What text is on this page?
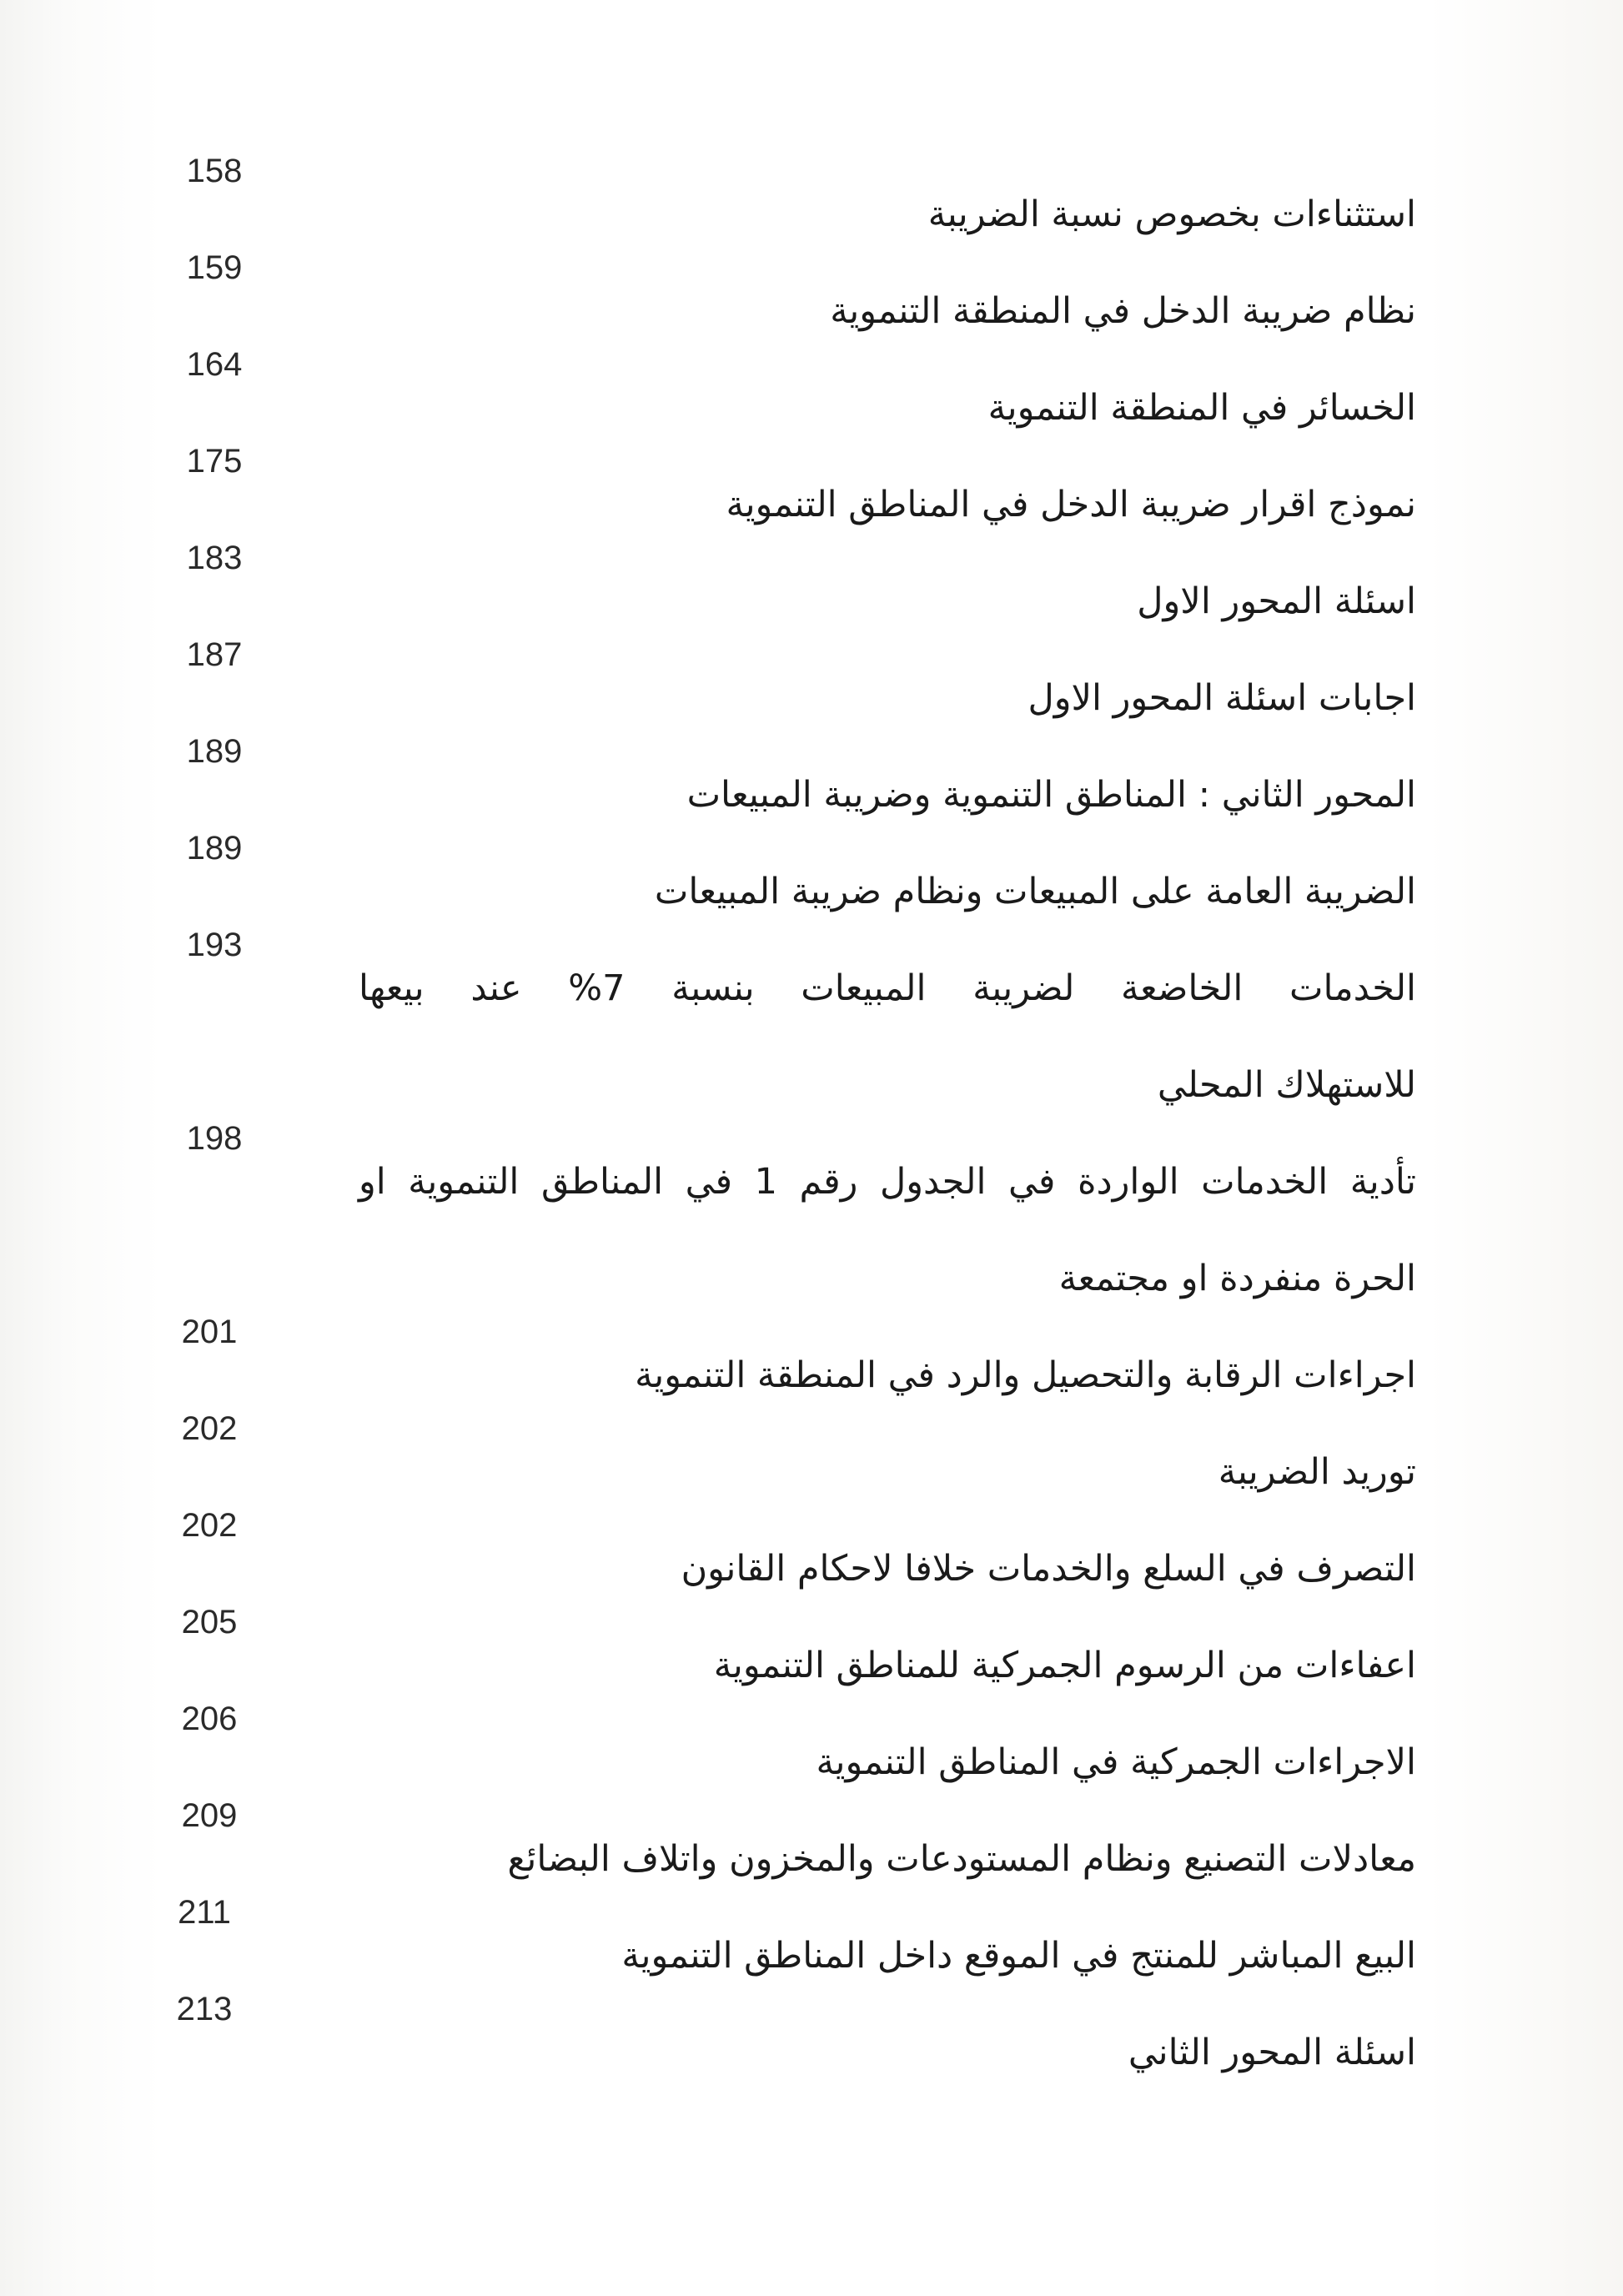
158
استثناءات بخصوص نسبة الضريبة
159
نظام ضريبة الدخل في المنطقة التنموية
164
الخسائر في المنطقة التنموية
175
نموذج اقرار ضريبة الدخل في المناطق التنموية
183
اسئلة المحور الاول
187
اجابات اسئلة المحور الاول
189
المحور الثاني : المناطق التنموية وضريبة المبيعات
189
الضريبة العامة على المبيعات ونظام ضريبة المبيعات
193
الخدمات الخاضعة لضريبة المبيعات بنسبة 7% عند بيعها
للاستهلاك المحلي
198
تأدية الخدمات الواردة في الجدول رقم 1 في المناطق التنموية او
الحرة منفردة او مجتمعة
201
اجراءات الرقابة والتحصيل والرد في المنطقة التنموية
202
توريد الضريبة
202
التصرف في السلع والخدمات خلافا لاحكام القانون
205
اعفاءات من الرسوم الجمركية للمناطق التنموية
206
الاجراءات الجمركية في المناطق التنموية
209
معادلات التصنيع ونظام المستودعات والمخزون واتلاف البضائع
211
البيع المباشر للمنتج في الموقع داخل المناطق التنموية
213
اسئلة المحور الثاني
